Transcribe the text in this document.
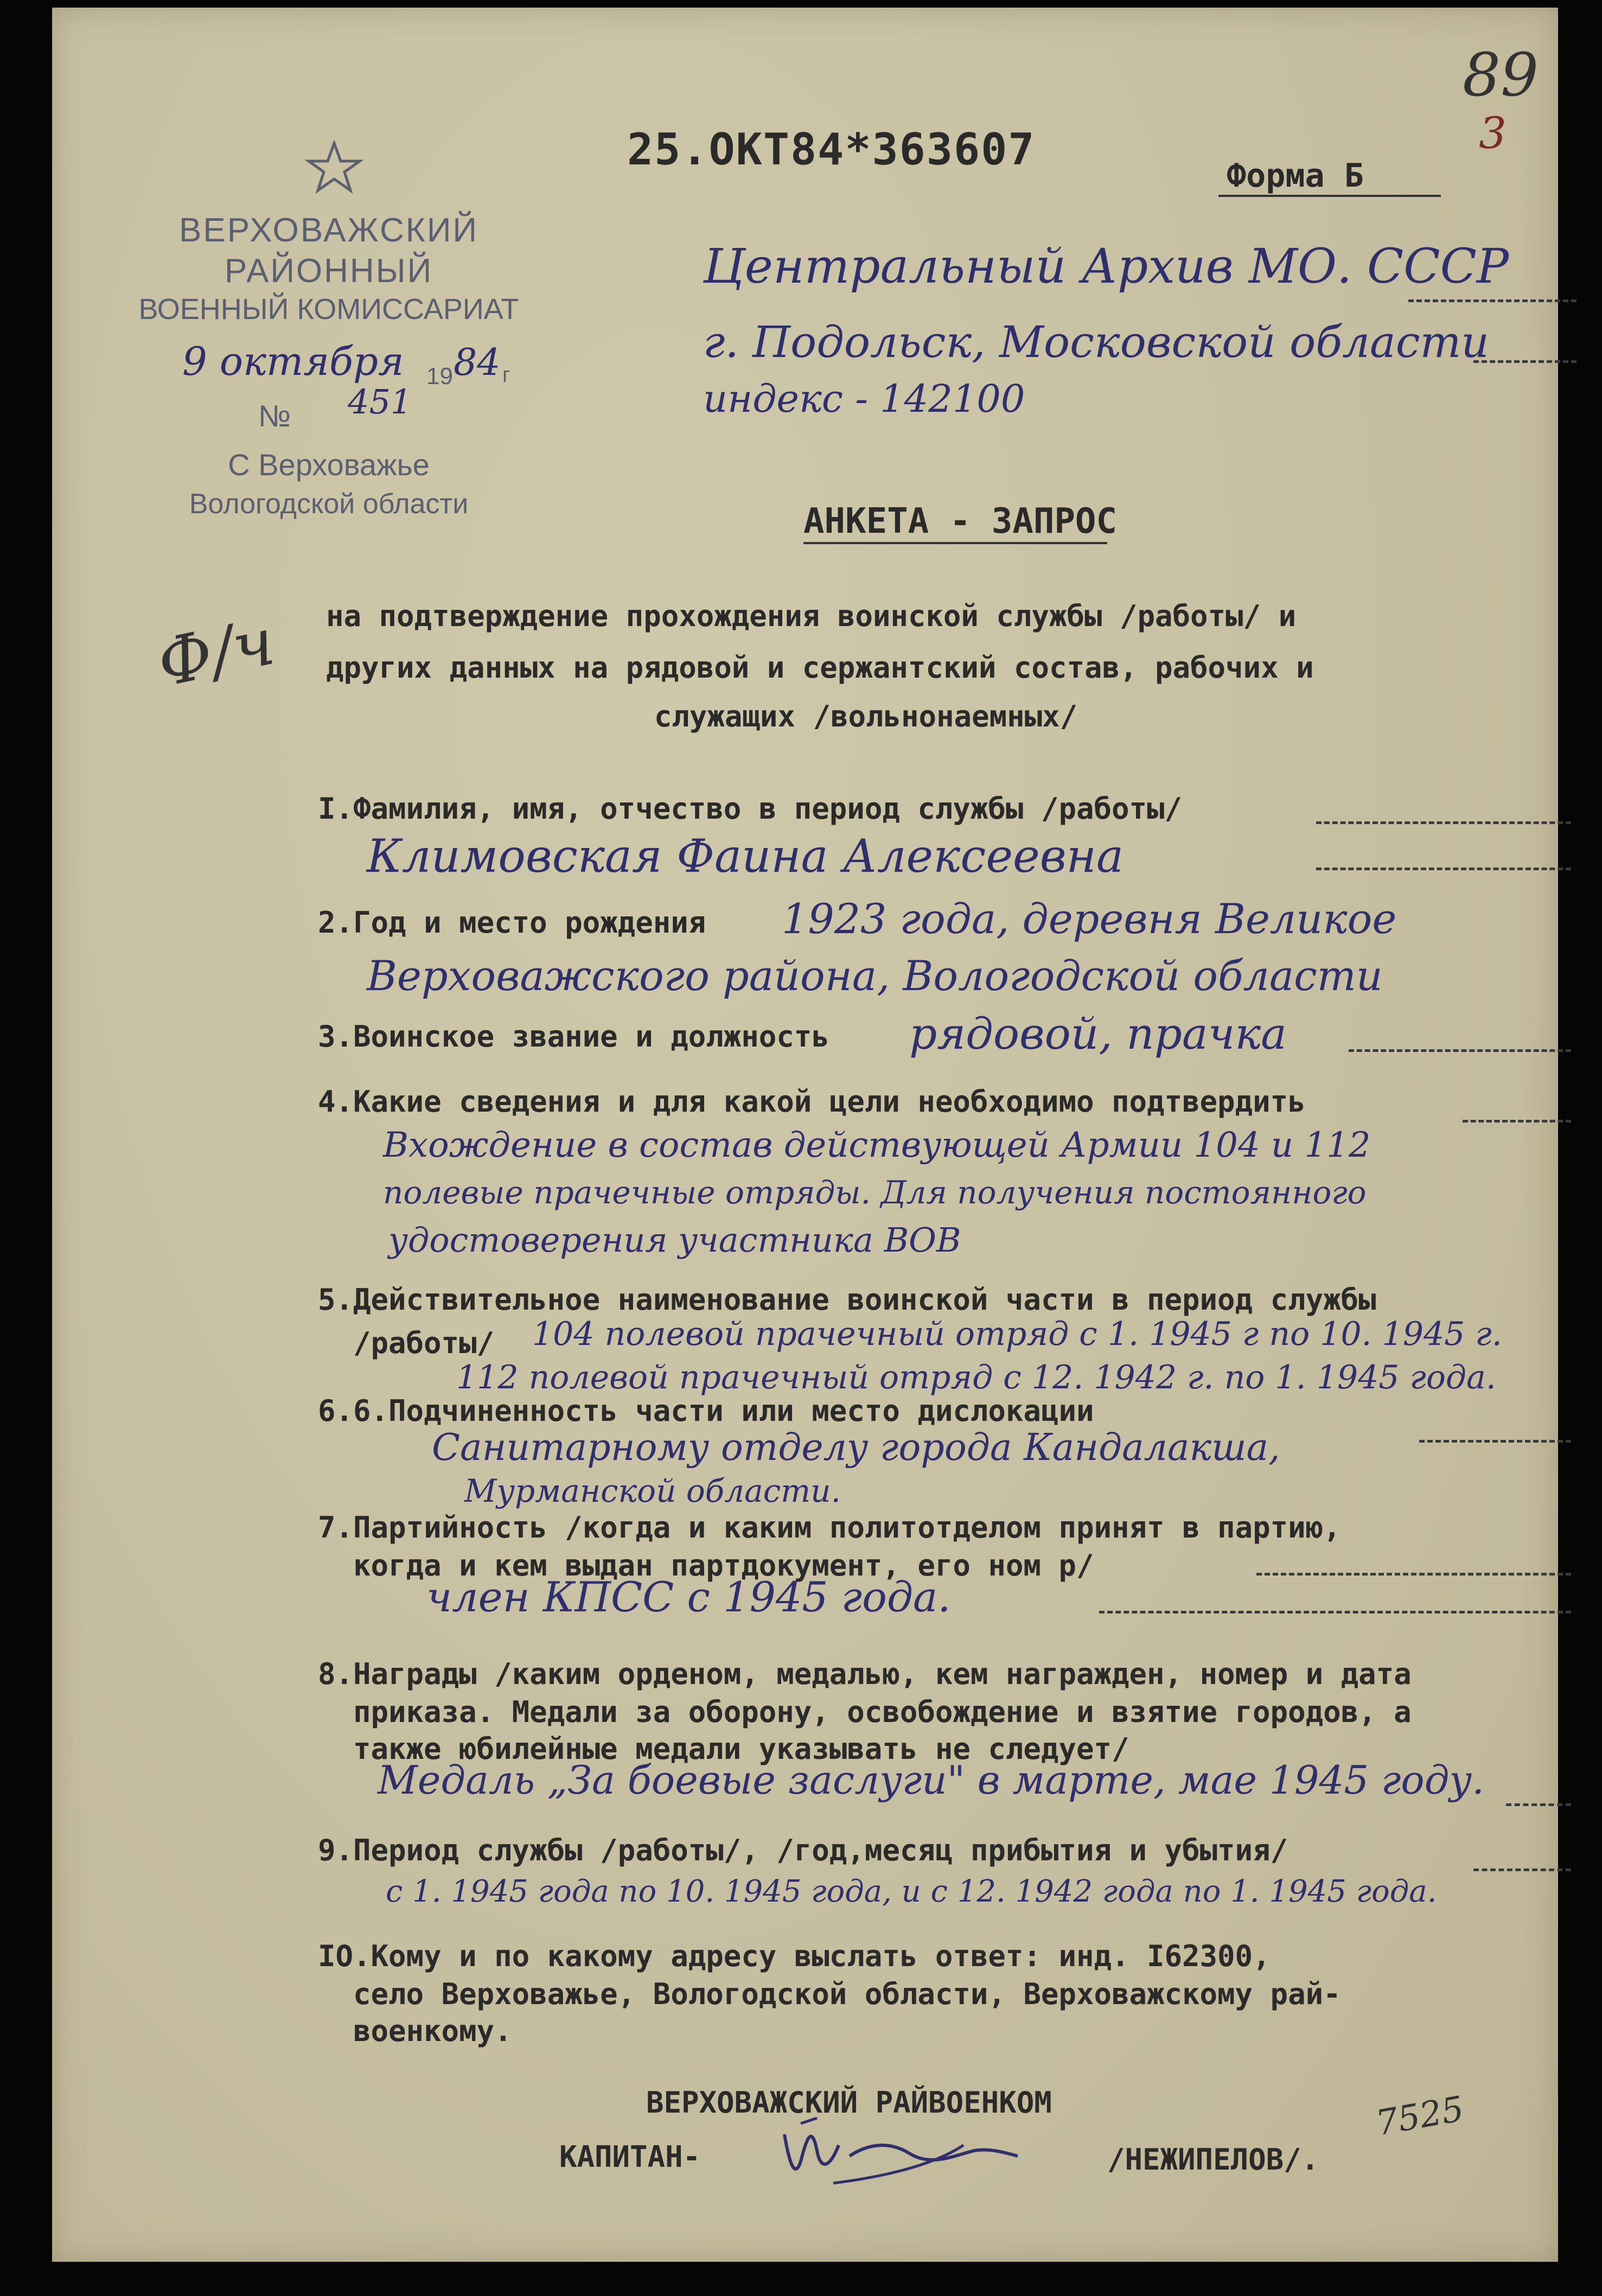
89
3
ВЕРХОВАЖСКИЙ
РАЙОННЫЙ
ВОЕННЫЙ КОМИССАРИАТ
9 октября 19 84 г
№ 451
С Верховажье
Вологодской области
25.ОКТ84*363607
Форма Б
Центральный Архив МО. СССР
г. Подольск, Московской области
индекс - 142100
АНКЕТА - ЗАПРОС
на подтверждение прохождения воинской службы /работы/ и
других данных на рядовой и сержантский состав, рабочих и
служащих /вольнонаемных/
Ф/ч
I.Фамилия, имя, отчество в период службы /работы/
Климовская Фаина Алексеевна
2.Год и место рождения 1923 года, деревня Великое
Верховажского района, Вологодской области
3.Воинское звание и должность рядовой, прачка
4.Какие сведения и для какой цели необходимо подтвердить
Вхождение в состав действующей Армии 104 и 112
полевые прачечные отряды. Для получения постоянного
удостоверения участника ВОВ
5.Действительное наименование воинской части в период службы
/работы/ 104 полевой прачечный отряд с 1. 1945 г по 10. 1945 г.
112 полевой прачечный отряд с 12. 1942 г. по 1. 1945 года.
6.6.Подчиненность части или место дислокации
Санитарному отделу города Кандалакша,
Мурманской области.
7.Партийность /когда и каким политотделом принят в партию,
когда и кем выдан партдокумент, его ном р/
член КПСС с 1945 года.
8.Награды /каким орденом, медалью, кем награжден, номер и дата
приказа. Медали за оборону, освобождение и взятие городов, а
также юбилейные медали указывать не следует/
Медаль „За боевые заслуги" в марте, мае 1945 году.
9.Период службы /работы/, /год,месяц прибытия и убытия/
с 1. 1945 года по 10. 1945 года, и с 12. 1942 года по 1. 1945 года.
IO.Кому и по какому адресу выслать ответ: инд. I62300,
село Верховажье, Вологодской области, Верховажскому рай-
военкому.
ВЕРХОВАЖСКИЙ РАЙВОЕНКОМ
КАПИТАН-	/НЕЖИПЕЛОВ/.
7525
